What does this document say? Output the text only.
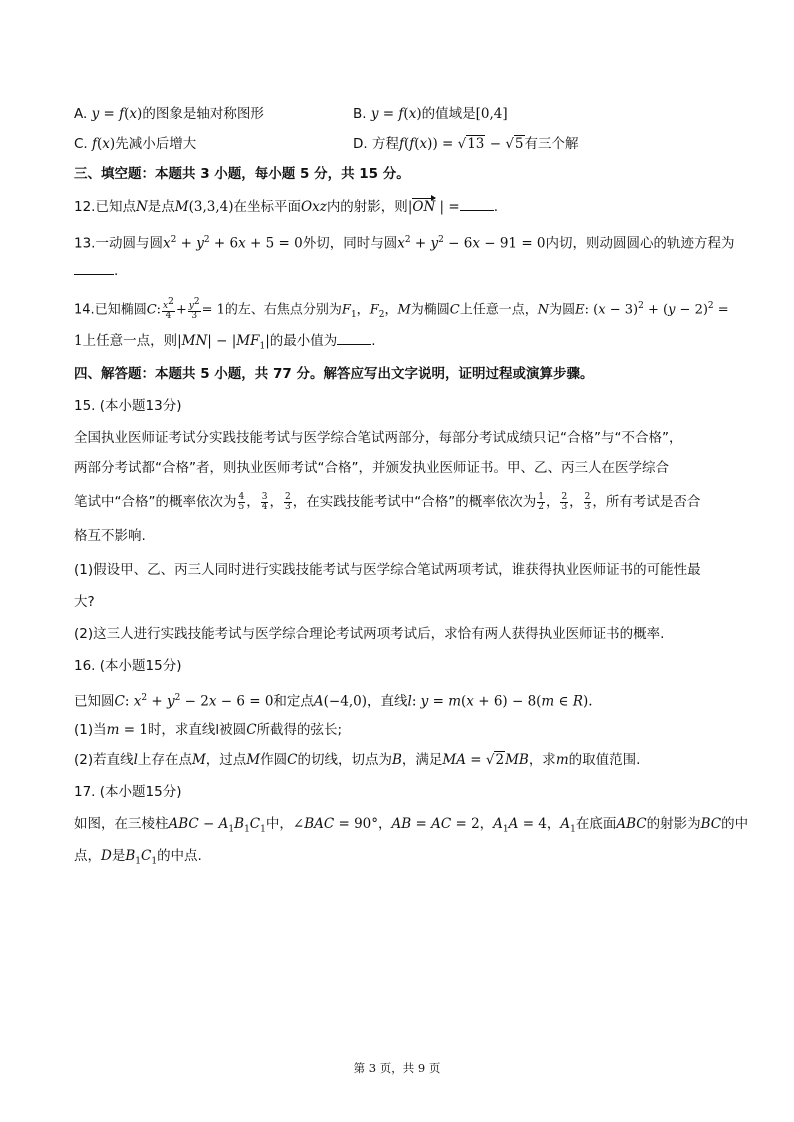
A. y = f(x)的图象是轴对称图形	B. y = f(x)的值域是[0,4]
C. f(x)先减小后增大	D. 方程f(f(x)) = √13 − √5有三个解
三、填空题：本题共 3 小题，每小题 5 分，共 15 分。
12.已知点N是点M(3,3,4)在坐标平面Oxz内的射影，则|ON | =	.
13.一动圆与圆$x^2 + y^2 + 6x + 5 = 0$外切，同时与圆$x^2 + y^2 - 6x - 91 = 0$内切，则动圆圆心的轨迹方程为
.
14.已知椭圆C: $\frac{x^2}{4} + \frac{y^2}{3} = 1$的左、右焦点分别为$F_1$，$F_2$，M为椭圆C上任意一点，N为圆E: $(x - 3)^2 + (y - 2)^2$ =
1上任意一点，则$|MN| - |MF_1|$的最小值为	.
四、解答题：本题共 5 小题，共 77 分。解答应写出文字说明，证明过程或演算步骤。
15. (本小题13分)
全国执业医师证考试分实践技能考试与医学综合笔试两部分，每部分考试成绩只记“合格”与“不合格”，
两部分考试都“合格”者，则执业医师考试“合格”，并颁发执业医师证书。甲、乙、丙三人在医学综合
笔试中“合格”的概率依次为 $\frac{4}{5}$ ， $\frac{3}{4}$ ， $\frac{2}{3}$ ，在实践技能考试中“合格”的概率依次为 $\frac{1}{2}$ ， $\frac{2}{3}$ ， $\frac{2}{3}$ ，所有考试是否合
格互不影响.
(1)假设甲、乙、丙三人同时进行实践技能考试与医学综合笔试两项考试，谁获得执业医师证书的可能性最
大?
(2)这三人进行实践技能考试与医学综合理论考试两项考试后，求恰有两人获得执业医师证书的概率.
16. (本小题15分)
已知圆C: $x^2 + y^2 - 2x - 6 = 0$和定点A(−4,0)，直线l: y = m(x + 6) − 8(m ∈ R).
(1)当m = 1时，求直线l被圆C所截得的弦长;
(2)若直线l上存在点M，过点M作圆C的切线，切点为B，满足MA = √2MB，求m的取值范围.
17. (本小题15分)
如图，在三棱柱ABC − $A_1B_1C_1$中，∠BAC = 90°，AB = AC = 2，$A_1A = 4$，$A_1$在底面ABC的射影为BC的中
点，D是$B_1C_1$的中点.
第 3 页，共 9 页
